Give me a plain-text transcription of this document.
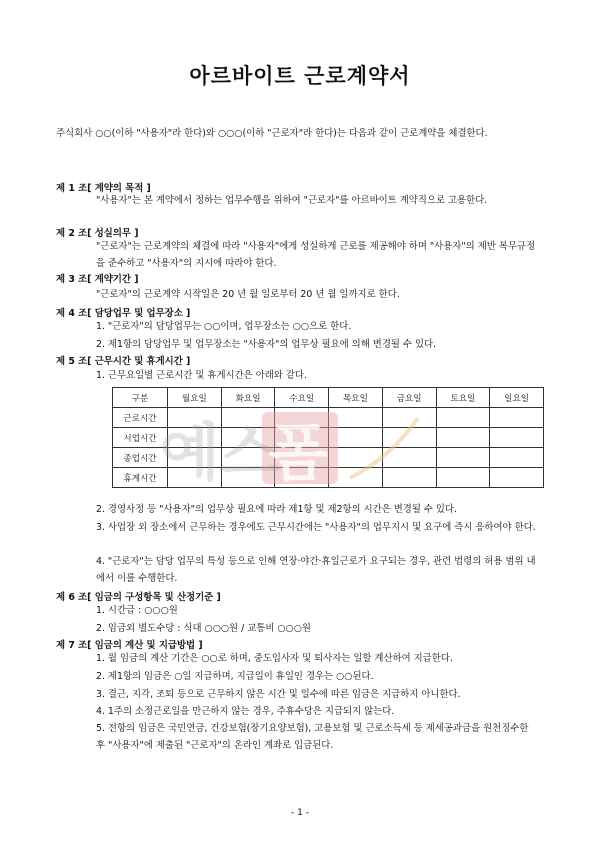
아르바이트 근로계약서
주식회사 ○○(이하 "사용자"라 한다)와 ○○○(이하 "근로자"라 한다)는 다음과 같이 근로계약을 체결한다.
제 1 조[ 계약의 목적 ]
"사용자"는 본 계약에서 정하는 업무수행을 위하여 "근로자"를 아르바이트 계약직으로 고용한다.
제 2 조[ 성실의무 ]
"근로자"는 근로계약의 체결에 따라 "사용자"에게 성실하게 근로를 제공해야 하며 "사용자"의 제반 복무규정을 준수하고 "사용자"의 지시에 따라야 한다.
제 3 조[ 계약기간 ]
"근로자"의 근로계약 시작일은 20 년 월 일로부터 20 년 월 일까지로 한다.
제 4 조[ 담당업무 및 업무장소 ]
1. "근로자"의 담당업무는 ○○이며, 업무장소는 ○○으로 한다.
2. 제1항의 담당업무 및 업무장소는 "사용자"의 업무상 필요에 의해 변경될 수 있다.
제 5 조[ 근무시간 및 휴게시간 ]
1. 근무요일별 근로시간 및 휴게시간은 아래와 같다.
구분	월요일	화요일	수요일	목요일	금요일	토요일	일요일
근로시간							
시업시간							
종업시간							
휴게시간							예스
폼
2. 경영사정 등 "사용자"의 업무상 필요에 따라 제1항 및 제2항의 시간은 변경될 수 있다.
3. 사업장 외 장소에서 근무하는 경우에도 근무시간에는 "사용자"의 업무지시 및 요구에 즉시 응하여야 한다.
4. "근로자"는 담당 업무의 특성 등으로 인해 연장·야간·휴일근로가 요구되는 경우, 관련 법령의 허용 범위 내에서 이를 수행한다.
제 6 조[ 임금의 구성항목 및 산정기준 ]
1. 시간급 : ○○○원
2. 임금외 별도수당 : 식대 ○○○원 / 교통비 ○○○원
제 7 조[ 임금의 계산 및 지급방법 ]
1. 월 임금의 계산 기간은 ○○로 하며, 중도입사자 및 퇴사자는 일할 계산하여 지급한다.
2. 제1항의 임금은 ○일 지급하며, 지급일이 휴일인 경우는 ○○된다.
3. 결근, 지각, 조퇴 등으로 근무하지 않은 시간 및 일수에 따른 임금은 지급하지 아니한다.
4. 1주의 소정근로일을 만근하지 않는 경우, 주휴수당은 지급되지 않는다.
5. 전항의 임금은 국민연금, 건강보험(장기요양보험), 고용보험 및 근로소득세 등 제세공과금을 원천징수한 후 "사용자"에 제출된 "근로자"의 온라인 계좌로 입금된다.
- 1 -
